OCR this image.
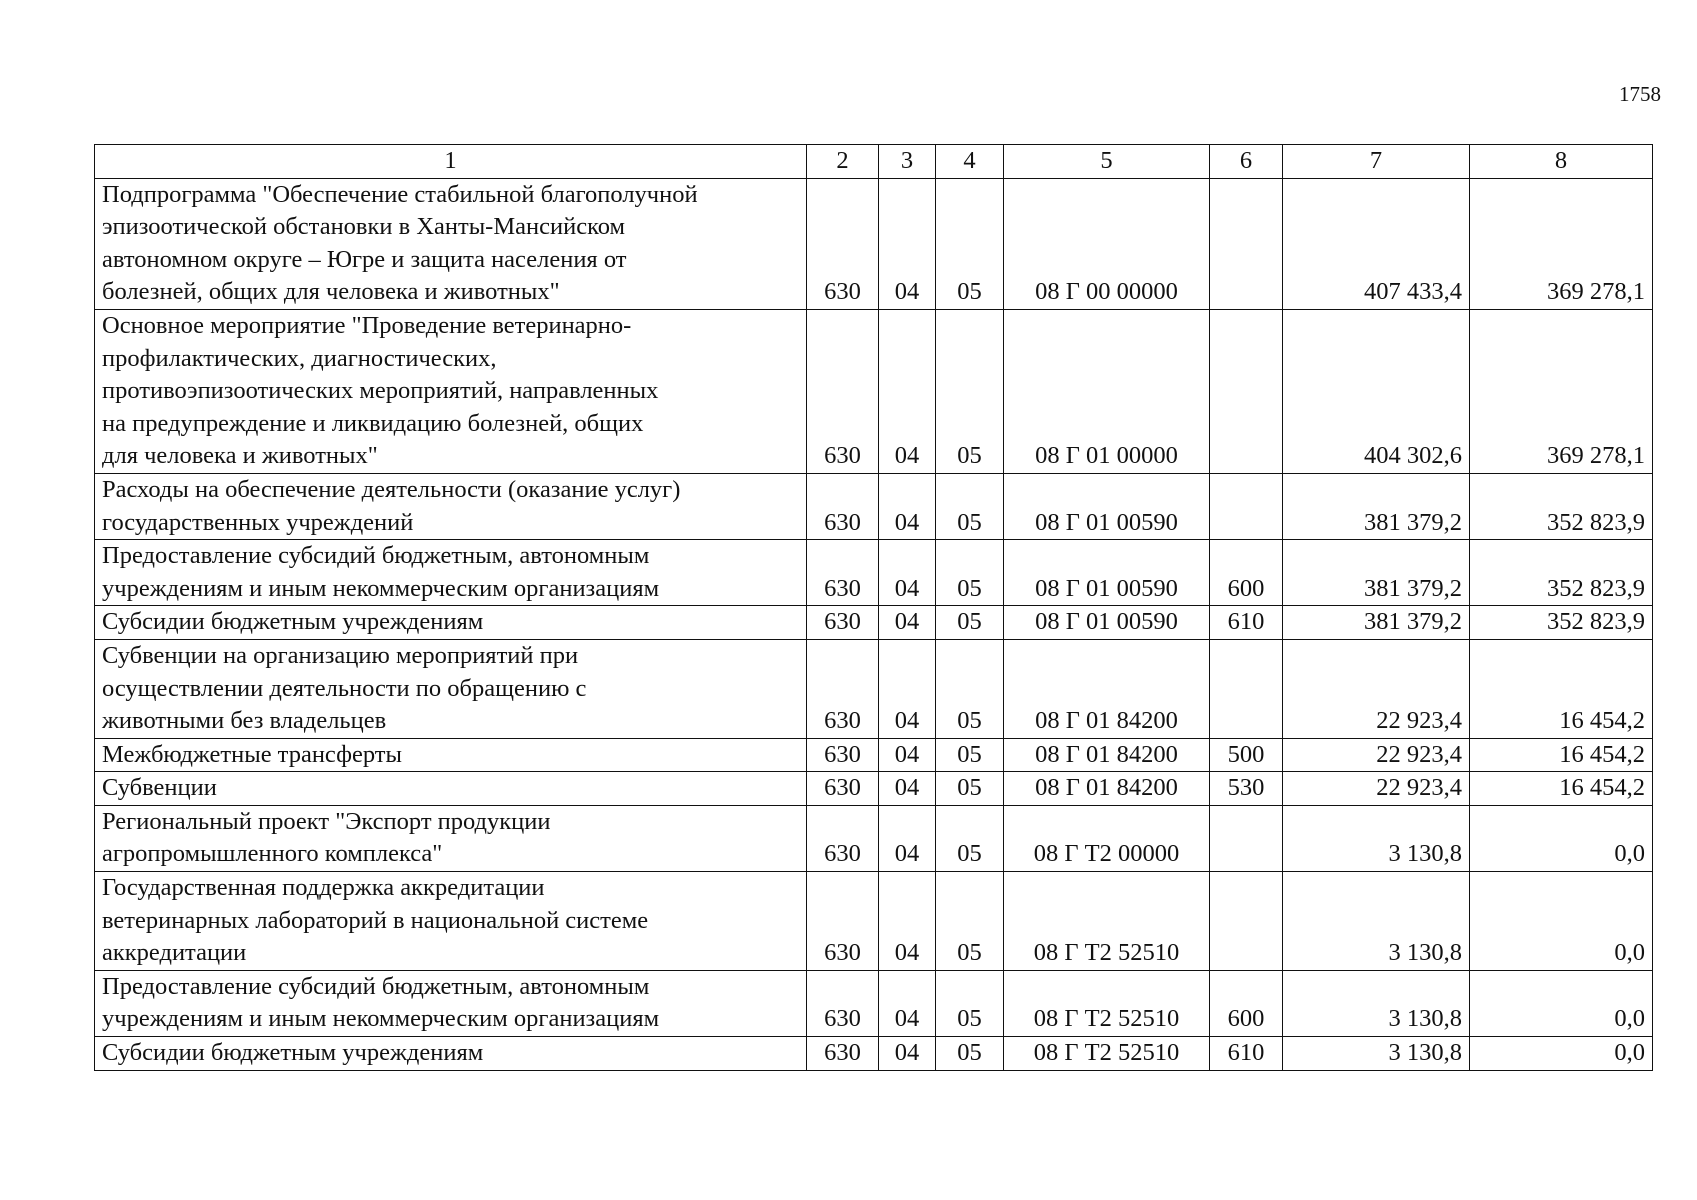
1758
1	2	3	4	5	6	7	8

Подпрограмма "Обеспечение стабильной благополучной
эпизоотической обстановки в Ханты-Мансийском
автономном округе – Югре и защита населения от
болезней, общих для человека и животных"	630	04	05	08 Г 00 00000		407 433,4	369 278,1

Основное мероприятие "Проведение ветеринарно-
профилактических, диагностических,
противоэпизоотических мероприятий, направленных
на предупреждение и ликвидацию болезней, общих
для человека и животных"	630	04	05	08 Г 01 00000		404 302,6	369 278,1

Расходы на обеспечение деятельности (оказание услуг)
государственных учреждений	630	04	05	08 Г 01 00590		381 379,2	352 823,9

Предоставление субсидий бюджетным, автономным
учреждениям и иным некоммерческим организациям	630	04	05	08 Г 01 00590	600	381 379,2	352 823,9

Субсидии бюджетным учреждениям	630	04	05	08 Г 01 00590	610	381 379,2	352 823,9

Субвенции на организацию мероприятий при
осуществлении деятельности по обращению с
животными без владельцев	630	04	05	08 Г 01 84200		22 923,4	16 454,2

Межбюджетные трансферты	630	04	05	08 Г 01 84200	500	22 923,4	16 454,2

Субвенции	630	04	05	08 Г 01 84200	530	22 923,4	16 454,2

Региональный проект "Экспорт продукции
агропромышленного комплекса"	630	04	05	08 Г T2 00000		3 130,8	0,0

Государственная поддержка аккредитации
ветеринарных лабораторий в национальной системе
аккредитации	630	04	05	08 Г T2 52510		3 130,8	0,0

Предоставление субсидий бюджетным, автономным
учреждениям и иным некоммерческим организациям	630	04	05	08 Г T2 52510	600	3 130,8	0,0

Субсидии бюджетным учреждениям	630	04	05	08 Г T2 52510	610	3 130,8	0,0
